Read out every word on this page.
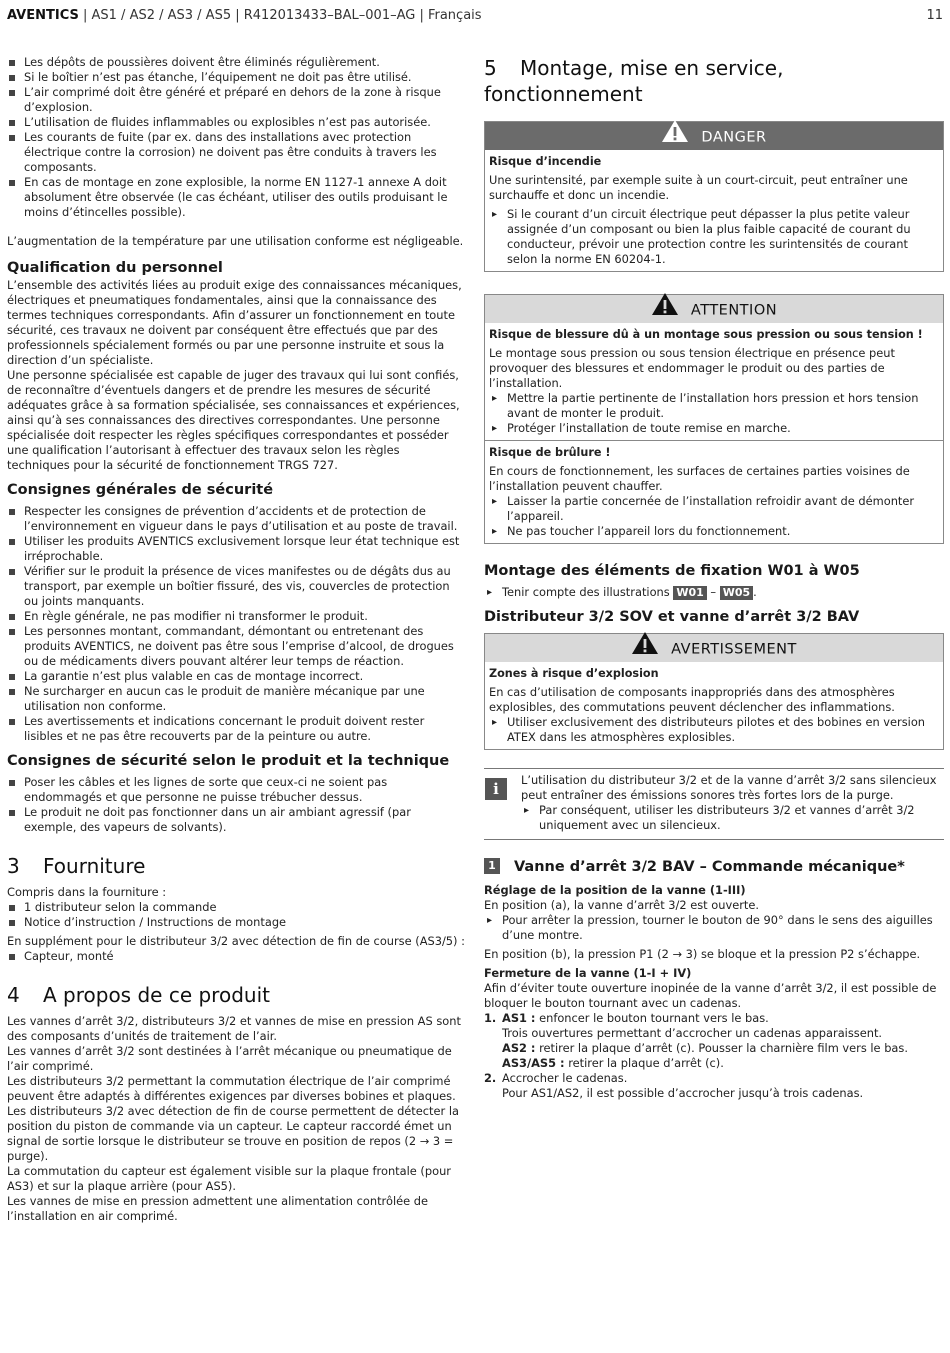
AVENTICS | AS1 / AS2 / AS3 / AS5 | R412013433–BAL–001–AG | Français	11
Les dépôts de poussières doivent être éliminés régulièrement.
Si le boîtier n’est pas étanche, l’équipement ne doit pas être utilisé.
L’air comprimé doit être généré et préparé en dehors de la zone à risque d’explosion.
L’utilisation de fluides inflammables ou explosibles n’est pas autorisée.
Les courants de fuite (par ex. dans des installations avec protection électrique contre la corrosion) ne doivent pas être conduits à travers les composants.
En cas de montage en zone explosible, la norme EN 1127-1 annexe A doit absolument être observée (le cas échéant, utiliser des outils produisant le moins d’étincelles possible).

L’augmentation de la température par une utilisation conforme est négligeable.

Qualification du personnel

L’ensemble des activités liées au produit exige des connaissances mécaniques, électriques et pneumatiques fondamentales, ainsi que la connaissance des termes techniques correspondants. Afin d’assurer un fonctionnement en toute sécurité, ces travaux ne doivent par conséquent être effectués que par des professionnels spécialement formés ou par une personne instruite et sous la direction d’un spécialiste.

Une personne spécialisée est capable de juger des travaux qui lui sont confiés, de reconnaître d’éventuels dangers et de prendre les mesures de sécurité adéquates grâce à sa formation spécialisée, ses connaissances et expériences, ainsi qu’à ses connaissances des directives correspondantes. Une personne spécialisée doit respecter les règles spécifiques correspondantes et posséder une qualification l’autorisant à effectuer des travaux selon les règles techniques pour la sécurité de fonctionnement TRGS 727.

Consignes générales de sécurité
Respecter les consignes de prévention d’accidents et de protection de l’environnement en vigueur dans le pays d’utilisation et au poste de travail.
Utiliser les produits AVENTICS exclusivement lorsque leur état technique est irréprochable.
Vérifier sur le produit la présence de vices manifestes ou de dégâts dus au transport, par exemple un boîtier fissuré, des vis, couvercles de protection ou joints manquants.
En règle générale, ne pas modifier ni transformer le produit.
Les personnes montant, commandant, démontant ou entretenant des produits AVENTICS, ne doivent pas être sous l’emprise d’alcool, de drogues ou de médicaments divers pouvant altérer leur temps de réaction.
La garantie n’est plus valable en cas de montage incorrect.
Ne surcharger en aucun cas le produit de manière mécanique par une utilisation non conforme.
Les avertissements et indications concernant le produit doivent rester lisibles et ne pas être recouverts par de la peinture ou autre.
Consignes de sécurité selon le produit et la technique
Poser les câbles et les lignes de sorte que ceux-ci ne soient pas endommagés et que personne ne puisse trébucher dessus.
Le produit ne doit pas fonctionner dans un air ambiant agressif (par exemple, des vapeurs de solvants).
3 Fourniture

Compris dans la fourniture :

1 distributeur selon la commande
Notice d’instruction / Instructions de montage

En supplément pour le distributeur 3/2 avec détection de fin de course (AS3/5) :

Capteur, monté
4 A propos de ce produit

Les vannes d’arrêt 3/2, distributeurs 3/2 et vannes de mise en pression AS sont des composants d’unités de traitement de l’air.

Les vannes d’arrêt 3/2 sont destinées à l’arrêt mécanique ou pneumatique de l’air comprimé.

Les distributeurs 3/2 permettant la commutation électrique de l’air comprimé peuvent être adaptés à différentes exigences par diverses bobines et plaques.

Les distributeurs 3/2 avec détection de fin de course permettent de détecter la position du piston de commande via un capteur. Le capteur raccordé émet un signal de sortie lorsque le distributeur se trouve en position de repos (2 → 3 = purge).

La commutation du capteur est également visible sur la plaque frontale (pour AS3) et sur la plaque arrière (pour AS5).

Les vannes de mise en pression admettent une alimentation contrôlée de l’installation en air comprimé.

5 Montage, mise en service, fonctionnement
DANGER
Risque d’incendie

Une surintensité, par exemple suite à un court-circuit, peut entraîner une surchauffe et donc un incendie.

▸ Si le courant d’un circuit électrique peut dépasser la plus petite valeur assignée d’un composant ou bien la plus faible capacité de courant du conducteur, prévoir une protection contre les surintensités de courant selon la norme EN 60204-1.
ATTENTION
Risque de blessure dû à un montage sous pression ou sous tension !

Le montage sous pression ou sous tension électrique en présence peut provoquer des blessures et endommager le produit ou des parties de l’installation.

▸ Mettre la partie pertinente de l’installation hors pression et hors tension avant de monter le produit.
▸ Protéger l’installation de toute remise en marche.
Risque de brûlure !

En cours de fonctionnement, les surfaces de certaines parties voisines de l’installation peuvent chauffer.

▸ Laisser la partie concernée de l’installation refroidir avant de démonter l’appareil.
▸ Ne pas toucher l’appareil lors du fonctionnement.
Montage des éléments de fixation W01 à W05
▸ Tenir compte des illustrations W01 – W05 .
Distributeur 3/2 SOV et vanne d’arrêt 3/2 BAV
AVERTISSEMENT
Zones à risque d’explosion

En cas d’utilisation de composants inappropriés dans des atmosphères explosibles, des commutations peuvent déclencher des inflammations.

▸ Utiliser exclusivement des distributeurs pilotes et des bobines en version ATEX dans les atmosphères explosibles.
i	L’utilisation du distributeur 3/2 et de la vanne d’arrêt 3/2 sans silencieux peut entraîner des émissions sonores très fortes lors de la purge.

▸ Par conséquent, utiliser les distributeurs 3/2 et vannes d’arrêt 3/2 uniquement avec un silencieux.
1 Vanne d’arrêt 3/2 BAV – Commande mécanique*
Réglage de la position de la vanne (1-III)

En position (a), la vanne d’arrêt 3/2 est ouverte.

▸ Pour arrêter la pression, tourner le bouton de 90° dans le sens des aiguilles d’une montre.

En position (b), la pression P1 (2 → 3) se bloque et la pression P2 s’échappe.

Fermeture de la vanne (1-I + IV)

Afin d’éviter toute ouverture inopinée de la vanne d’arrêt 3/2, il est possible de bloquer le bouton tournant avec un cadenas.

1. AS1 : enfoncer le bouton tournant vers le bas.
Trois ouvertures permettant d’accrocher un cadenas apparaissent.
AS2 : retirer la plaque d’arrêt (c). Pousser la charnière film vers le bas.
AS3/AS5 : retirer la plaque d’arrêt (c).
2. Accrocher le cadenas.
Pour AS1/AS2, il est possible d’accrocher jusqu’à trois cadenas.
